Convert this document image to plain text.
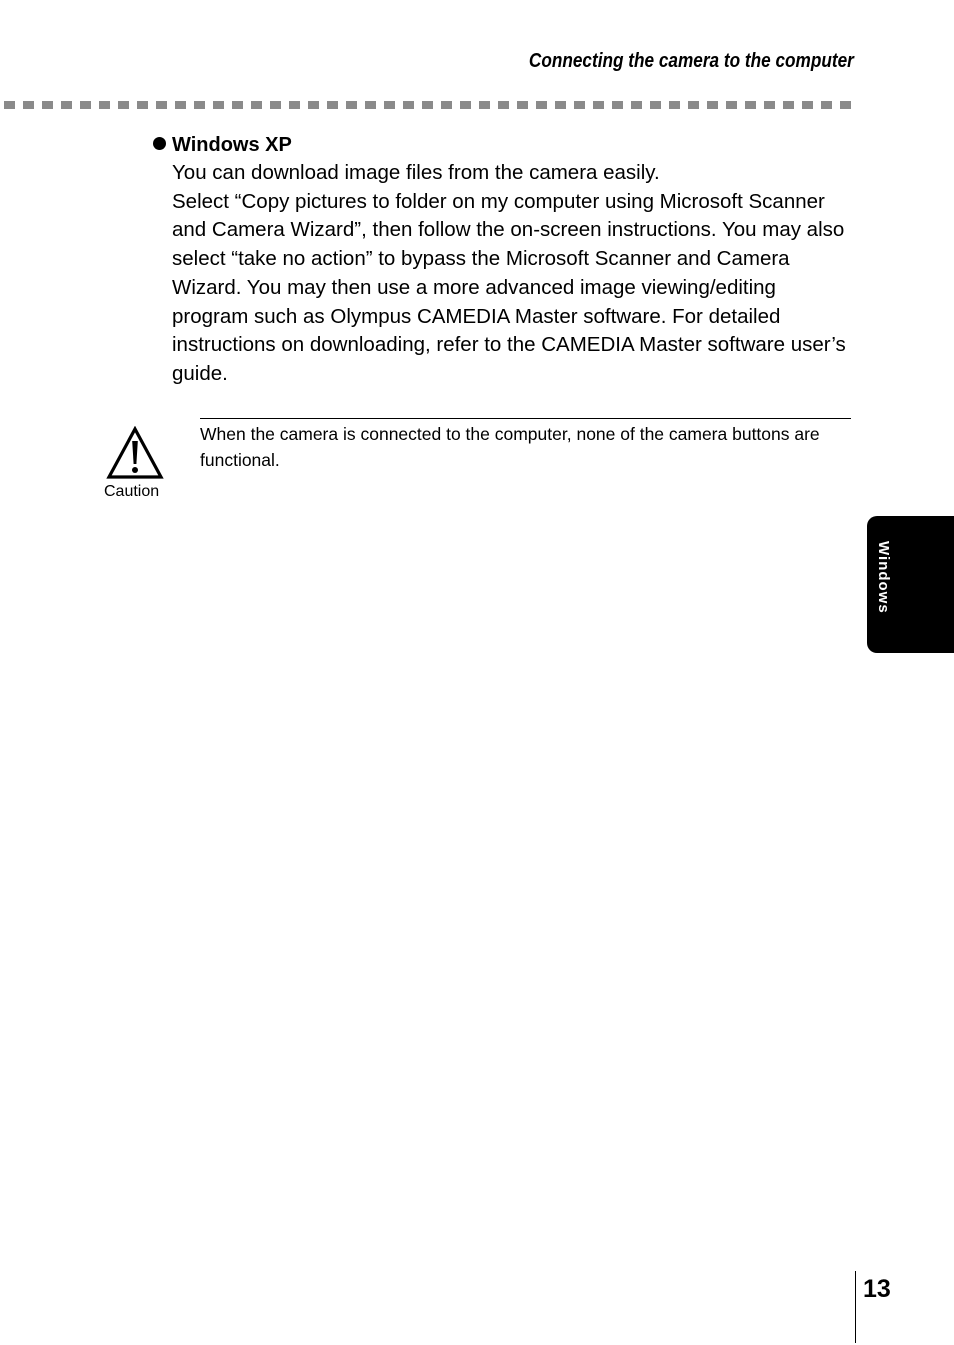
Connecting the camera to the computer
Windows XP

You can download image files from the camera easily.

Select “Copy pictures to folder on my computer using Microsoft Scanner and Camera Wizard”, then follow the on-screen instructions. You may also select “take no action” to bypass the Microsoft Scanner and Camera Wizard. You may then use a more advanced image viewing/editing program such as Olympus CAMEDIA Master software. For detailed instructions on downloading, refer to the CAMEDIA Master software user’s guide.

Caution
When the camera is connected to the computer, none of the camera buttons are functional.
Windows
13
